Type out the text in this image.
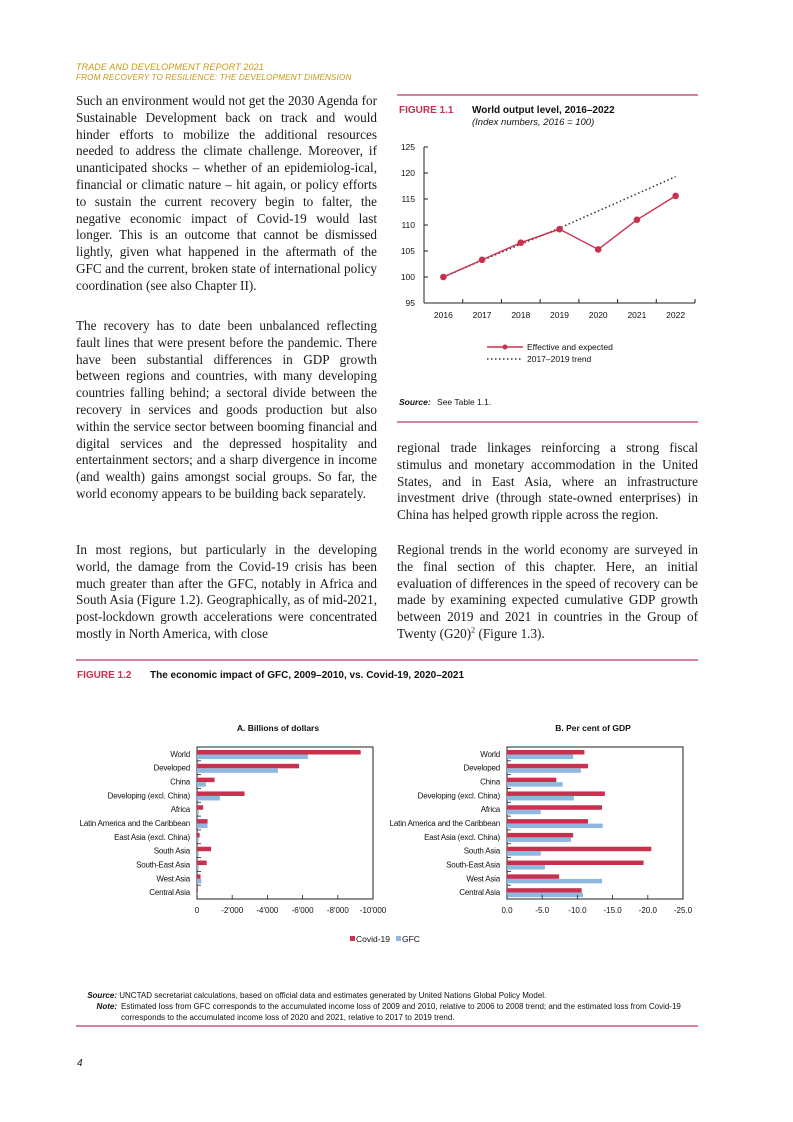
TRADE AND DEVELOPMENT REPORT 2021
FROM RECOVERY TO RESILIENCE: THE DEVELOPMENT DIMENSION

Such an environment would not get the 2030 Agenda for Sustainable Development back on track and would hinder efforts to mobilize the additional resources needed to address the climate challenge. Moreover, if unanticipated shocks – whether of an epidemiolog-ical, financial or climatic nature – hit again, or policy efforts to sustain the current recovery begin to falter, the negative economic impact of Covid-19 would last longer. This is an outcome that cannot be dismissed lightly, given what happened in the aftermath of the GFC and the current, broken state of international policy coordination (see also Chapter II).

The recovery has to date been unbalanced reflecting fault lines that were present before the pandemic. There have been substantial differences in GDP growth between regions and countries, with many developing countries falling behind; a sectoral divide between the recovery in services and goods production but also within the service sector between booming financial and digital services and the depressed hospitality and entertainment sectors; and a sharp divergence in income (and wealth) gains amongst social groups. So far, the world economy appears to be building back separately.

In most regions, but particularly in the developing world, the damage from the Covid-19 crisis has been much greater than after the GFC, notably in Africa and South Asia (Figure 1.2). Geographically, as of mid-2021, post-lockdown growth accelerations were concentrated mostly in North America, with close

FIGURE 1.1 World output level, 2016–2022
(Index numbers, 2016 = 100)
95
100
105
110
115
120
125
2016 2017 2018 2019 2020 2021 2022
Effective and expected
2017–2019 trend
Source: See Table 1.1.

regional trade linkages reinforcing a strong fiscal stimulus and monetary accommodation in the United States, and in East Asia, where an infrastructure investment drive (through state-owned enterprises) in China has helped growth ripple across the region.

Regional trends in the world economy are surveyed in the final section of this chapter. Here, an initial evaluation of differences in the speed of recovery can be made by examining expected cumulative GDP growth between 2019 and 2021 in countries in the Group of Twenty $(G20)^2$ (Figure 1.3).

FIGURE 1.2 The economic impact of GFC, 2009–2010, vs. Covid-19, 2020–2021
A. Billions of dollars
World
Developed
China
Developing (excl. China)
Africa
Latin America and the Caribbean
East Asia (excl. China)
South Asia
South-East Asia
West Asia
Central Asia
0	-2'000 -4'000 -6'000 -8'000 -10'000
B. Per cent of GDP
World
Developed
China
Developing (excl. China)
Africa
Latin America and the Caribbean
East Asia (excl. China)
South Asia
South-East Asia
West Asia
Central Asia
0.0	-5.0 -10.0 -15.0 -20.0 -25.0
Covid-19 GFC
Source: UNCTAD secretariat calculations, based on official data and estimates generated by United Nations Global Policy Model.
Note: Estimated loss from GFC corresponds to the accumulated income loss of 2009 and 2010, relative to 2006 to 2008 trend; and the estimated loss from Covid-19 corresponds to the accumulated income loss of 2020 and 2021, relative to 2017 to 2019 trend.
4
